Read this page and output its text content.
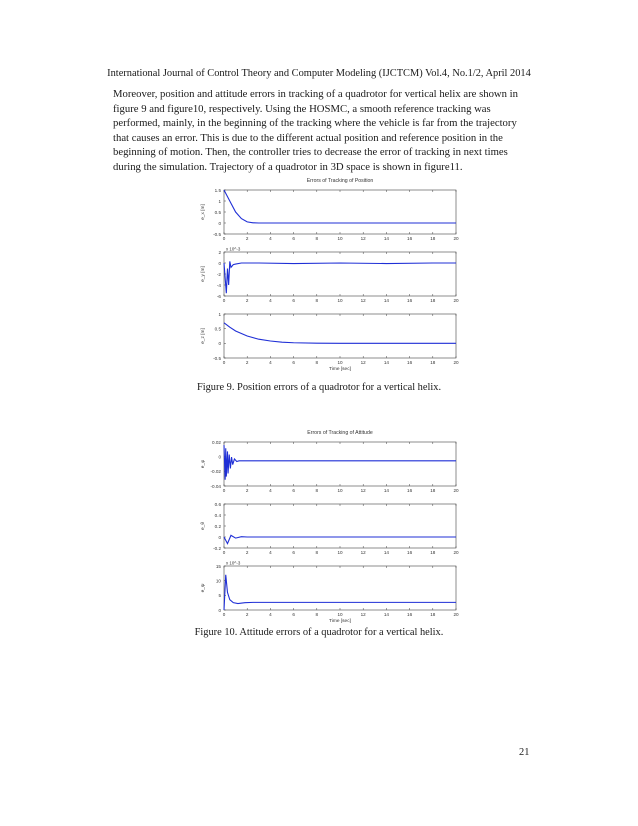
International Journal of Control Theory and Computer Modeling (IJCTCM) Vol.4, No.1/2, April 2014
Moreover, position and attitude errors in tracking of a quadrotor for vertical helix are shown in
figure 9 and figure10, respectively. Using the HOSMC, a smooth reference tracking was
performed, mainly, in the beginning of the tracking where the vehicle is far from the trajectory
that causes an error. This is due to the different actual position and reference position in the
beginning of motion. Then, the controller tries to decrease the error of tracking in next times
during the simulation. Trajectory of a quadrotor in 3D space is shown in figure11.
Errors of Tracking of Position
1.5
1
0.5
0
-0.5
0	2	4	6	8	10	12	14	16	18	20
e_x [m]
2
0
-2
-4
-6
0	2	4	6	8	10	12	14	16	18	20
e_y [m]
x 10^-3
1
0.5
0
-0.5
0	2	4	6	8	10	12	14	16	18	20
e_z [m]
Time [sec]
Figure 9. Position errors of a quadrotor for a vertical helix.
Errors of Tracking of Attitude
0.02
0
-0.02
-0.04
0	2	4	6	8	10	12	14	16	18	20
e_φ
0.6
0.4
0.2
0
-0.2
0	2	4	6	8	10	12	14	16	18	20
e_θ
15
10
5
0
0	2	4	6	8	10	12	14	16	18	20
e_ψ
x 10^-3
Time [sec]
Figure 10. Attitude errors of a quadrotor for a vertical helix.
21
